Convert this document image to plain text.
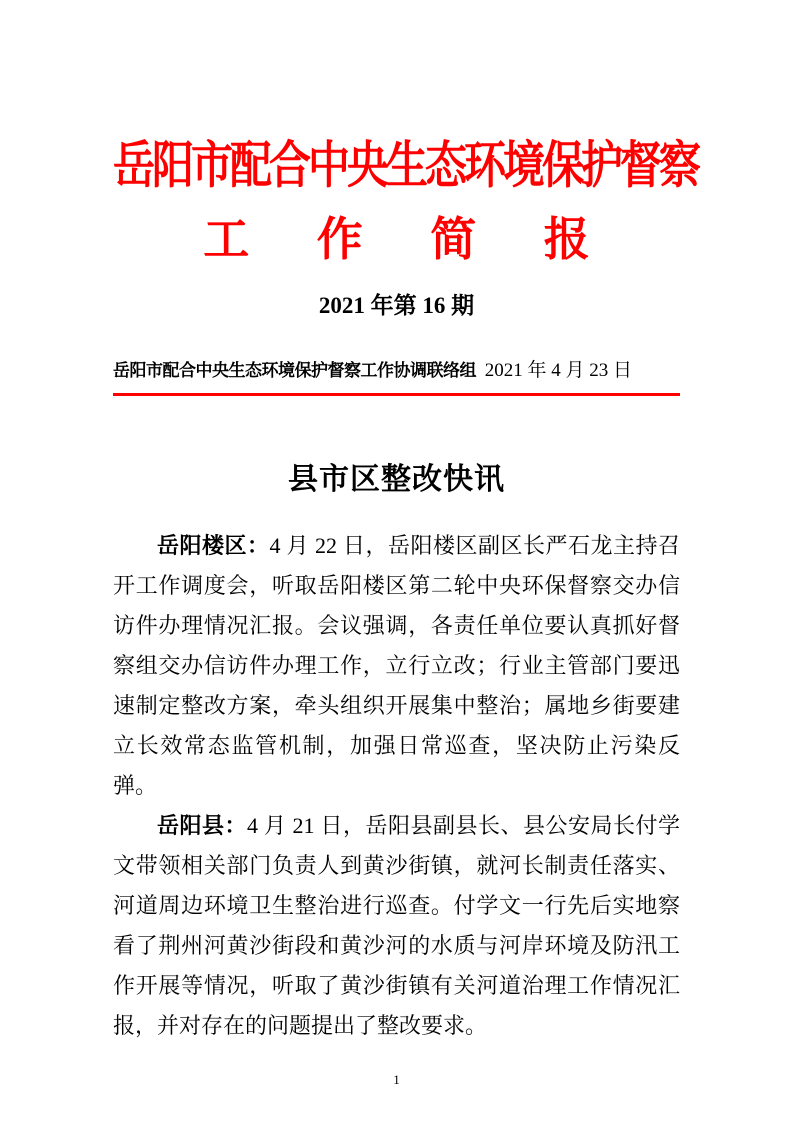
岳阳市配合中央生态环境保护督察
工 作 简 报
2021 年第 16 期
岳阳市配合中央生态环境保护督察工作协调联络组 2021 年 4 月 23 日
县市区整改快讯

岳阳楼区：4 月 22 日，岳阳楼区副区长严石龙主持召开工作调度会，听取岳阳楼区第二轮中央环保督察交办信访件办理情况汇报。会议强调，各责任单位要认真抓好督察组交办信访件办理工作，立行立改；行业主管部门要迅速制定整改方案，牵头组织开展集中整治；属地乡街要建立长效常态监管机制，加强日常巡查，坚决防止污染反弹。

岳阳县：4 月 21 日，岳阳县副县长、县公安局长付学文带领相关部门负责人到黄沙街镇，就河长制责任落实、河道周边环境卫生整治进行巡查。付学文一行先后实地察看了荆州河黄沙街段和黄沙河的水质与河岸环境及防汛工作开展等情况，听取了黄沙街镇有关河道治理工作情况汇报，并对存在的问题提出了整改要求。

1
